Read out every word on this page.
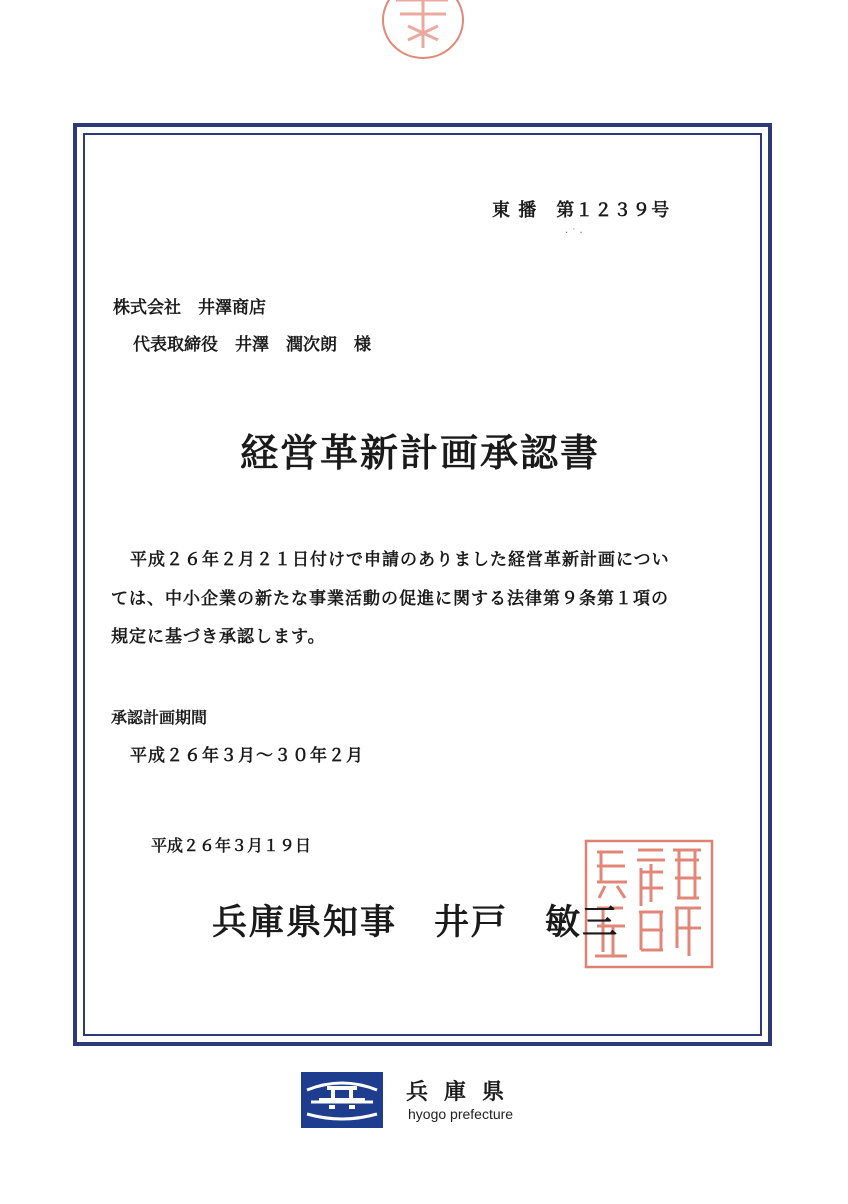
東 播　第１２３９号
· ˙ ·
株式会社　井澤商店
代表取締役　井澤　潤次朗　様
経営革新計画承認書
平成２６年２月２１日付けで申請のありました経営革新計画につい
ては、中小企業の新たな事業活動の促進に関する法律第９条第１項の
規定に基づき承認します。
承認計画期間
平成２６年３月～３０年２月
平成２６年３月１９日
兵庫県知事　井戸　敏三
兵庫県
hyogo prefecture
